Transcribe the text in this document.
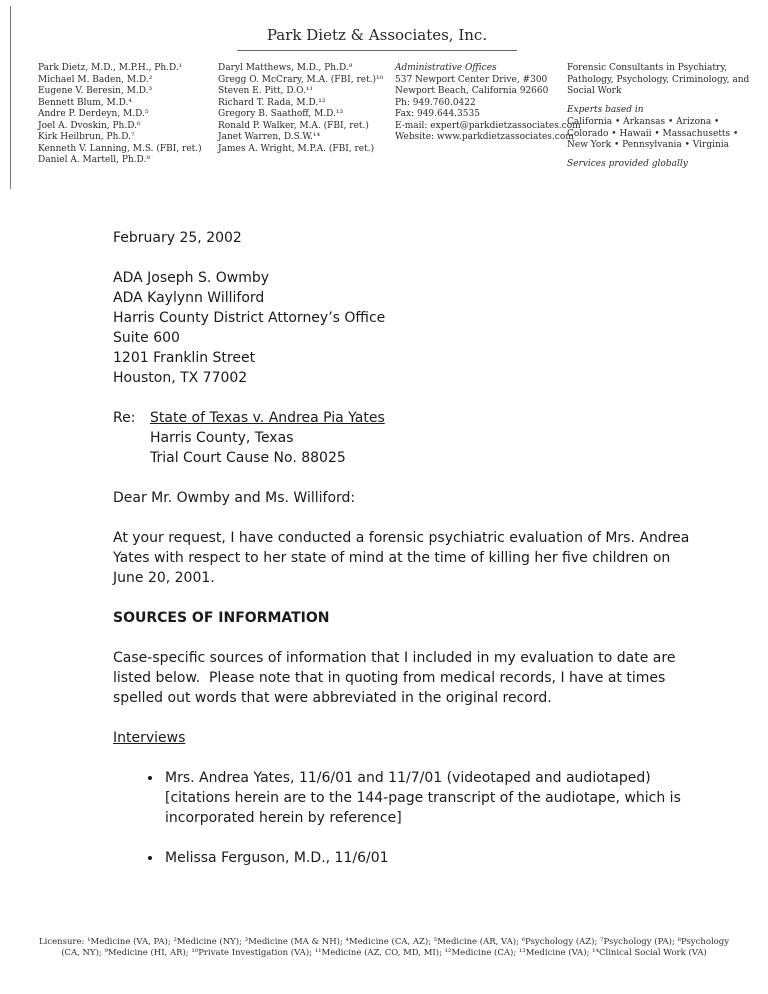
Park Dietz & Associates, Inc.
Park Dietz, M.D., M.P.H., Ph.D.¹
Michael M. Baden, M.D.²
Eugene V. Beresin, M.D.³
Bennett Blum, M.D.⁴
Andre P. Derdeyn, M.D.⁵
Joel A. Dvoskin, Ph.D.⁶
Kirk Heilbrun, Ph.D.⁷
Kenneth V. Lanning, M.S. (FBI, ret.)
Daniel A. Martell, Ph.D.⁸
Daryl Matthews, M.D., Ph.D.⁹
Gregg O. McCrary, M.A. (FBI, ret.)¹⁰
Steven E. Pitt, D.O.¹¹
Richard T. Rada, M.D.¹²
Gregory B. Saathoff, M.D.¹³
Ronald P. Walker, M.A. (FBI, ret.)
Janet Warren, D.S.W.¹⁴
James A. Wright, M.P.A. (FBI, ret.)
Administrative Offices
537 Newport Center Drive, #300
Newport Beach, California 92660
Ph: 949.760.0422
Fax: 949.644.3535
E-mail: expert@parkdietzassociates.com
Website: www.parkdietzassociates.com
Forensic Consultants in Psychiatry, Pathology, Psychology, Criminology, and Social Work
Experts based in
California • Arkansas • Arizona •
Colorado • Hawaii • Massachusetts •
New York • Pennsylvania • Virginia
Services provided globally
February 25, 2002
ADA Joseph S. Owmby
ADA Kaylynn Williford
Harris County District Attorney’s Office
Suite 600
1201 Franklin Street
Houston, TX 77002
Re:	State of Texas v. Andrea Pia Yates
Harris County, Texas
Trial Court Cause No. 88025
Dear Mr. Owmby and Ms. Williford:

At your request, I have conducted a forensic psychiatric evaluation of Mrs. Andrea Yates with respect to her state of mind at the time of killing her five children on June 20, 2001.

SOURCES OF INFORMATION

Case-specific sources of information that I included in my evaluation to date are listed below.  Please note that in quoting from medical records, I have at times spelled out words that were abbreviated in the original record.

Interviews
• Mrs. Andrea Yates, 11/6/01 and 11/7/01 (videotaped and audiotaped) [citations herein are to the 144-page transcript of the audiotape, which is incorporated herein by reference]
• Melissa Ferguson, M.D., 11/6/01
Licensure: ¹Medicine (VA, PA); ²Medicine (NY); ³Medicine (MA & NH); ⁴Medicine (CA, AZ); ⁵Medicine (AR, VA); ⁶Psychology (AZ); ⁷Psychology (PA); ⁸Psychology (CA, NY); ⁹Medicine (HI, AR); ¹⁰Private Investigation (VA); ¹¹Medicine (AZ, CO, MD, MI); ¹²Medicine (CA); ¹³Medicine (VA); ¹⁴Clinical Social Work (VA)
